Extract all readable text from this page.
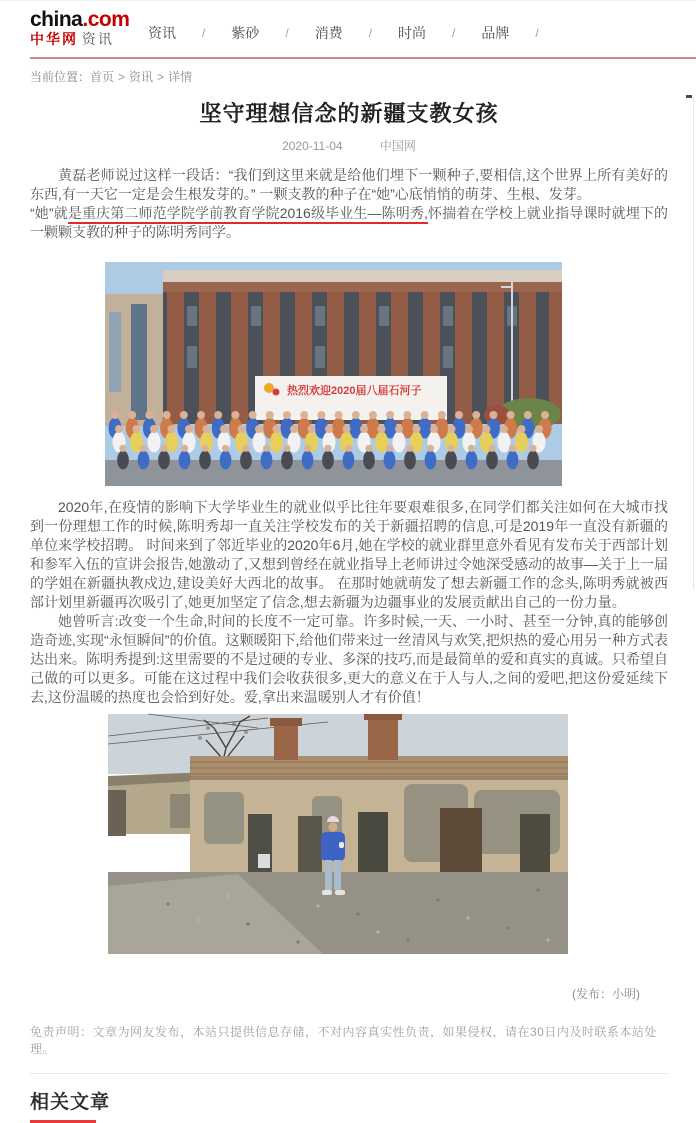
china.com
中华网 资讯	资讯	/	紫砂	/	消费	/	时尚	/	品牌	/
当前位置：首页 > 资讯 > 详情
坚守理想信念的新疆支教女孩
2020-11-04	中国网

黄磊老师说过这样一段话：“我们到这里来就是给他们埋下一颗种子,要相信,这个世界上所有美好的东西,有一天它一定是会生根发芽的。” 一颗支教的种子在“她”心底悄悄的萌芽、生根、发芽。

“她”就是重庆第二师范学院学前教育学院2016级毕业生—陈明秀,怀揣着在学校上就业指导课时就埋下的一颗颗支教的种子的陈明秀同学。

热烈欢迎2020届八届石河子

2020年,在疫情的影响下大学毕业生的就业似乎比往年要艰难很多,在同学们都关注如何在大城市找到一份理想工作的时候,陈明秀却一直关注学校发布的关于新疆招聘的信息,可是2019年一直没有新疆的单位来学校招聘。 时间来到了邻近毕业的2020年6月,她在学校的就业群里意外看见有发布关于西部计划和参军入伍的宣讲会报告,她激动了,又想到曾经在就业指导上老师讲过令她深受感动的故事—关于上一届的学姐在新疆执教戍边,建设美好大西北的故事。 在那时她就萌发了想去新疆工作的念头,陈明秀就被西部计划里新疆再次吸引了,她更加坚定了信念,想去新疆为边疆事业的发展贡献出自己的一份力量。

她曾听言:改变一个生命,时间的长度不一定可靠。许多时候,一天、一小时、甚至一分钟,真的能够创造奇迹,实现“永恒瞬间”的价值。这颗暖阳下,给他们带来过一丝清风与欢笑,把炽热的爱心用另一种方式表达出来。陈明秀提到:这里需要的不是过硬的专业、多深的技巧,而是最简单的爱和真实的真诚。只希望自己做的可以更多。可能在这过程中我们会收获很多,更大的意义在于人与人,之间的爱吧,把这份爱延续下去,这份温暖的热度也会恰到好处。爱,拿出来温暖别人才有价值！

(发布：小明)
免责声明：文章为网友发布，本站只提供信息存储，不对内容真实性负责，如果侵权，请在30日内及时联系本站处理。
相关文章
